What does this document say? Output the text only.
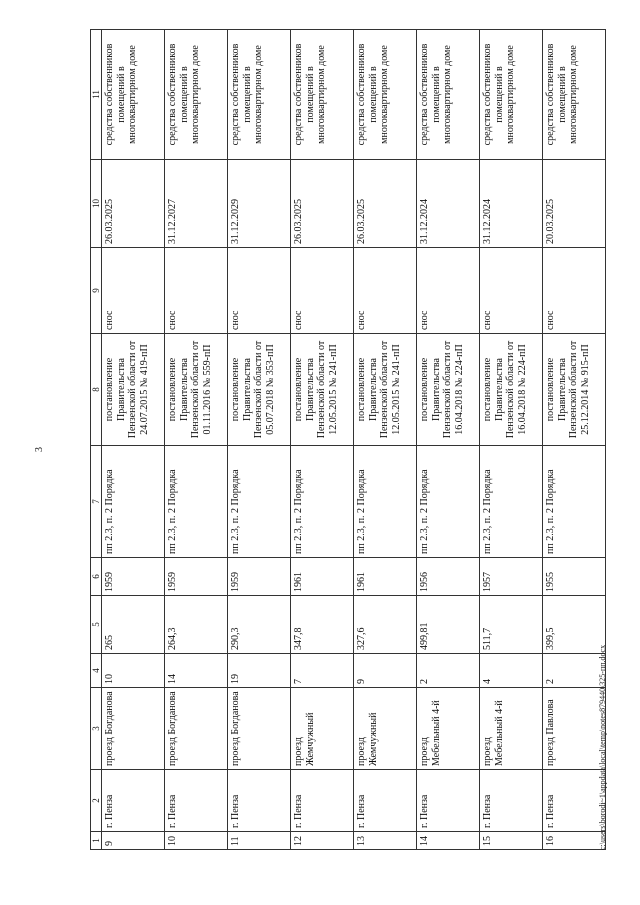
3
1	2	3	4	5	6	7	8	9	10	11
9	г. Пенза	проезд Богданова	10	265	1959	пп 2.3, п. 2 Порядка	постановление Правительства Пензенской области от 24.07.2015 № 419-пП	снос	26.03.2025	средства собственников помещений в многоквартирном доме
10	г. Пенза	проезд Богданова	14	264,3	1959	пп 2.3, п. 2 Порядка	постановление Правительства Пензенской области от 01.11.2016 № 559-пП	снос	31.12.2027	средства собственников помещений в многоквартирном доме
11	г. Пенза	проезд Богданова	19	290,3	1959	пп 2.3, п. 2 Порядка	постановление Правительства Пензенской области от 05.07.2018 № 353-пП	снос	31.12.2029	средства собственников помещений в многоквартирном доме
12	г. Пенза	проезд Жемчужный	7	347,8	1961	пп 2.3, п. 2 Порядка	постановление Правительства Пензенской области от 12.05.2015 № 241-пП	снос	26.03.2025	средства собственников помещений в многоквартирном доме
13	г. Пенза	проезд Жемчужный	9	327,6	1961	пп 2.3, п. 2 Порядка	постановление Правительства Пензенской области от 12.05.2015 № 241-пП	снос	26.03.2025	средства собственников помещений в многоквартирном доме
14	г. Пенза	проезд Мебельный 4-й	2	499,81	1956	пп 2.3, п. 2 Порядка	постановление Правительства Пензенской области от 16.04.2018 № 224-пП	снос	31.12.2024	средства собственников помещений в многоквартирном доме
15	г. Пенза	проезд Мебельный 4-й	4	511,7	1957	пп 2.3, п. 2 Порядка	постановление Правительства Пензенской области от 16.04.2018 № 224-пП	снос	31.12.2024	средства собственников помещений в многоквартирном доме
16	г. Пенза	проезд Павлова	2	399,5	1955	пп 2.3, п. 2 Порядка	постановление Правительства Пензенской области от 25.12.2014 № 915-пП	снос	20.03.2025	средства собственников помещений в многоквартирном доме
c:\users\borodi~1\appdata\local\temp\notes879440\325-пп.docx
